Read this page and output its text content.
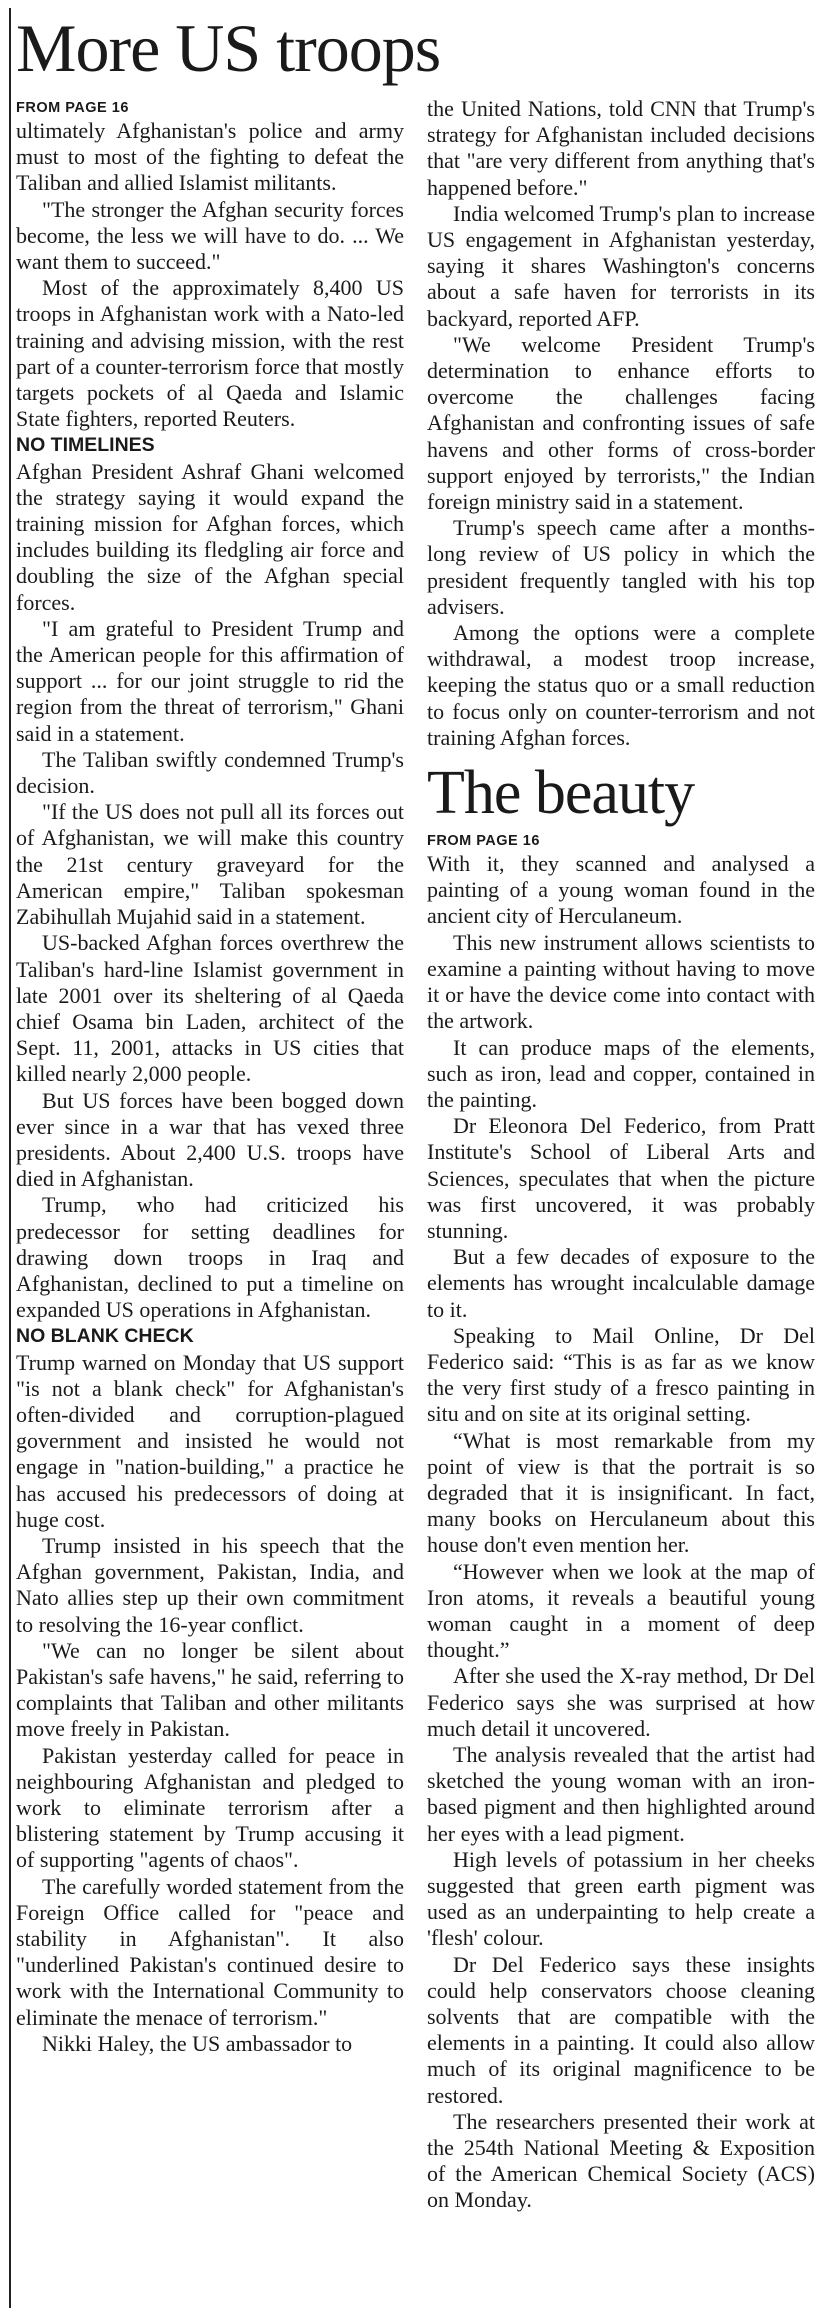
More US troops

FROM PAGE 16

ultimately Afghanistan's police and army must to most of the fighting to defeat the Taliban and allied Islamist militants.

"The stronger the Afghan security forces become, the less we will have to do. ... We want them to succeed."

Most of the approximately 8,400 US troops in Afghanistan work with a Nato-led training and advising mission, with the rest part of a counter-terrorism force that mostly targets pockets of al Qaeda and Islamic State fighters, reported Reuters.

NO TIMELINES

Afghan President Ashraf Ghani welcomed the strategy saying it would expand the training mission for Afghan forces, which includes building its fledgling air force and doubling the size of the Afghan special forces.

"I am grateful to President Trump and the American people for this affirmation of support ... for our joint struggle to rid the region from the threat of terrorism," Ghani said in a statement.

The Taliban swiftly condemned Trump's decision.

"If the US does not pull all its forces out of Afghanistan, we will make this country the 21st century graveyard for the American empire," Taliban spokesman Zabihullah Mujahid said in a statement.

US-backed Afghan forces overthrew the Taliban's hard-line Islamist government in late 2001 over its sheltering of al Qaeda chief Osama bin Laden, architect of the Sept. 11, 2001, attacks in US cities that killed nearly 2,000 people.

But US forces have been bogged down ever since in a war that has vexed three presidents. About 2,400 U.S. troops have died in Afghanistan.

Trump, who had criticized his predecessor for setting deadlines for drawing down troops in Iraq and Afghanistan, declined to put a timeline on expanded US operations in Afghanistan.

NO BLANK CHECK

Trump warned on Monday that US support "is not a blank check" for Afghanistan's often-divided and corruption-plagued government and insisted he would not engage in "nation-building," a practice he has accused his predecessors of doing at huge cost.

Trump insisted in his speech that the Afghan government, Pakistan, India, and Nato allies step up their own commitment to resolving the 16-year conflict.

"We can no longer be silent about Pakistan's safe havens," he said, referring to complaints that Taliban and other militants move freely in Pakistan.

Pakistan yesterday called for peace in neighbouring Afghanistan and pledged to work to eliminate terrorism after a blistering statement by Trump accusing it of supporting "agents of chaos".

The carefully worded statement from the Foreign Office called for "peace and stability in Afghanistan". It also "underlined Pakistan's continued desire to work with the International Community to eliminate the menace of terrorism."

Nikki Haley, the US ambassador to

the United Nations, told CNN that Trump's strategy for Afghanistan included decisions that "are very different from anything that's happened before."

India welcomed Trump's plan to increase US engagement in Afghanistan yesterday, saying it shares Washington's concerns about a safe haven for terrorists in its backyard, reported AFP.

"We welcome President Trump's determination to enhance efforts to overcome the challenges facing Afghanistan and confronting issues of safe havens and other forms of cross-border support enjoyed by terrorists," the Indian foreign ministry said in a statement.

Trump's speech came after a months-long review of US policy in which the president frequently tangled with his top advisers.

Among the options were a complete withdrawal, a modest troop increase, keeping the status quo or a small reduction to focus only on counter-terrorism and not training Afghan forces.

The beauty

FROM PAGE 16

With it, they scanned and analysed a painting of a young woman found in the ancient city of Herculaneum.

This new instrument allows scientists to examine a painting without having to move it or have the device come into contact with the artwork.

It can produce maps of the elements, such as iron, lead and copper, contained in the painting.

Dr Eleonora Del Federico, from Pratt Institute's School of Liberal Arts and Sciences, speculates that when the picture was first uncovered, it was probably stunning.

But a few decades of exposure to the elements has wrought incalculable damage to it.

Speaking to Mail Online, Dr Del Federico said: “This is as far as we know the very first study of a fresco painting in situ and on site at its original setting.

“What is most remarkable from my point of view is that the portrait is so degraded that it is insignificant. In fact, many books on Herculaneum about this house don't even mention her.

“However when we look at the map of Iron atoms, it reveals a beautiful young woman caught in a moment of deep thought.”

After she used the X-ray method, Dr Del Federico says she was surprised at how much detail it uncovered.

The analysis revealed that the artist had sketched the young woman with an iron-based pigment and then highlighted around her eyes with a lead pigment.

High levels of potassium in her cheeks suggested that green earth pigment was used as an underpainting to help create a 'flesh' colour.

Dr Del Federico says these insights could help conservators choose cleaning solvents that are compatible with the elements in a painting. It could also allow much of its original magnificence to be restored.

The researchers presented their work at the 254th National Meeting & Exposition of the American Chemical Society (ACS) on Monday.
